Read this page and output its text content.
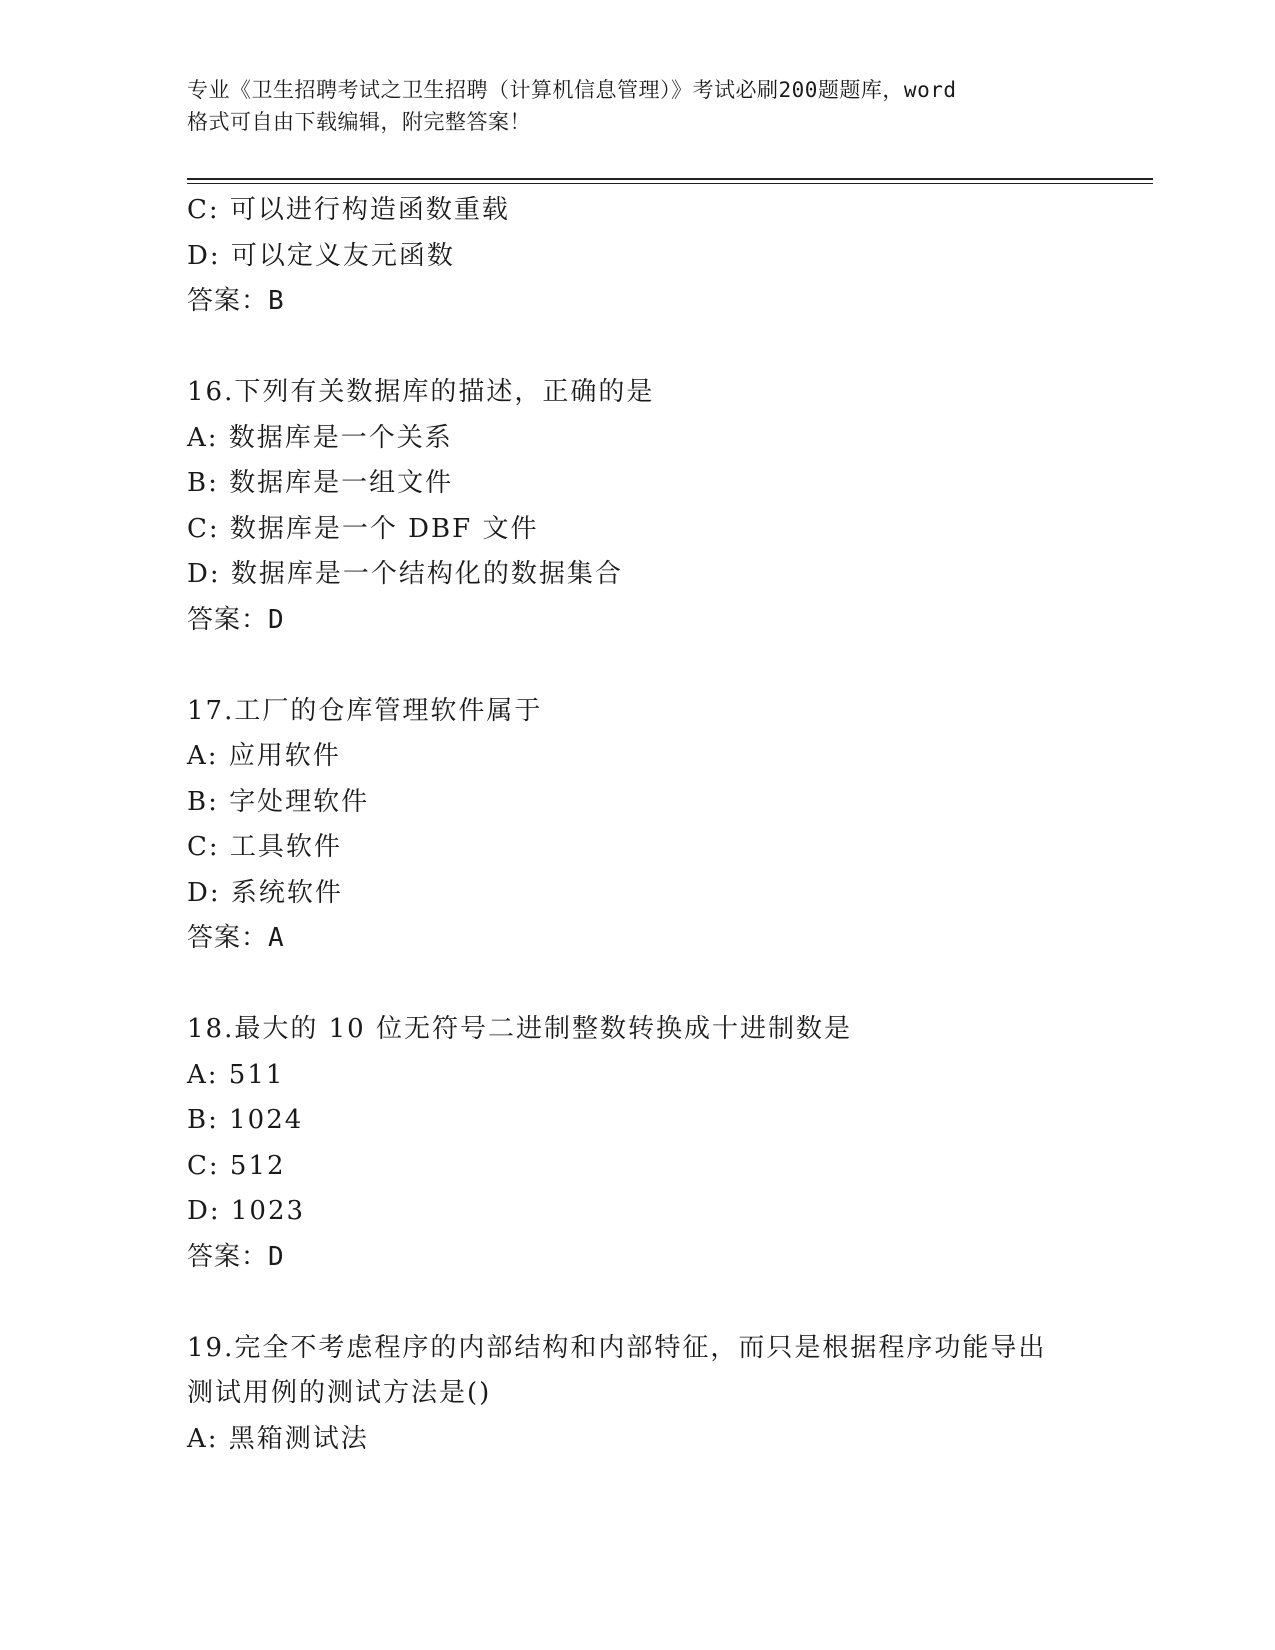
专业《卫生招聘考试之卫生招聘（计算机信息管理）》考试必刷200题题库，word
格式可自由下载编辑，附完整答案！
C: 可以进行构造函数重载
D: 可以定义友元函数
答案：B
16.下列有关数据库的描述，正确的是
A: 数据库是一个关系
B: 数据库是一组文件
C: 数据库是一个 DBF 文件
D: 数据库是一个结构化的数据集合
答案：D
17.工厂的仓库管理软件属于
A: 应用软件
B: 字处理软件
C: 工具软件
D: 系统软件
答案：A
18.最大的 10 位无符号二进制整数转换成十进制数是
A: 511
B: 1024
C: 512
D: 1023
答案：D
19.完全不考虑程序的内部结构和内部特征，而只是根据程序功能导出
测试用例的测试方法是()
A: 黑箱测试法
